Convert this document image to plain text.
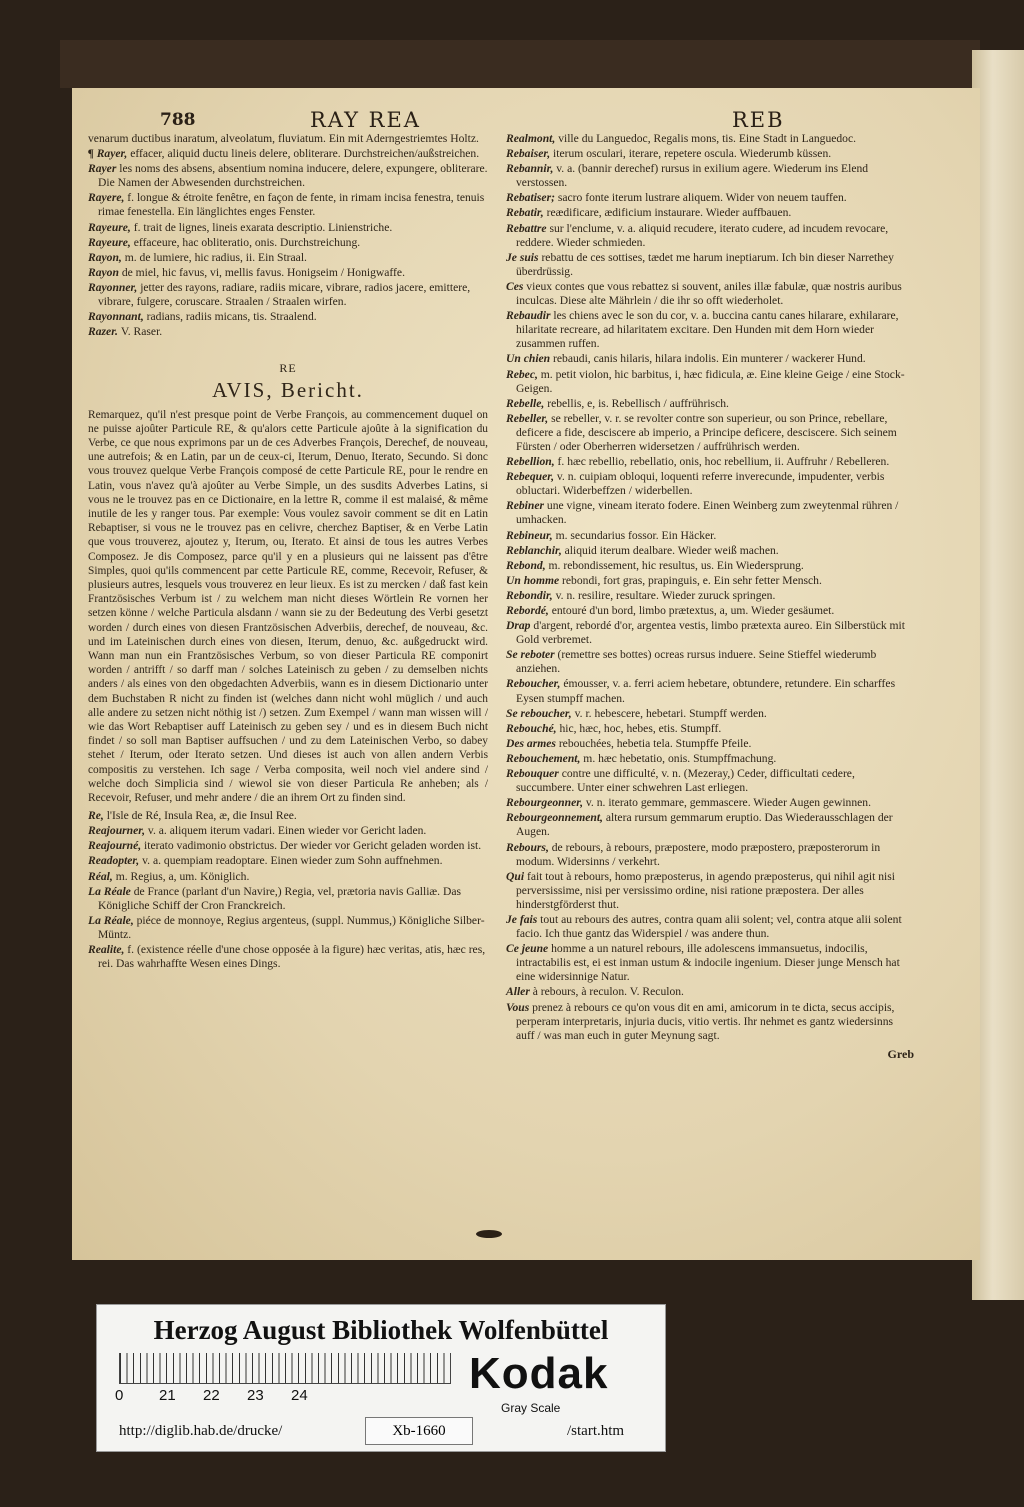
788	RAY REA	REB
venarum ductibus inaratum, alveolatum, fluviatum. Ein mit Aderngestriemtes Holtz.
¶ Rayer, effacer, aliquid ductu lineis delere, obliterare. Durchstreichen/außstreichen.
Rayer les noms des absens, absentium nomina inducere, delere, expungere, obliterare. Die Namen der Abwesenden durchstreichen.
Rayere, f. longue & étroite fenêtre, en façon de fente, in rimam incisa fenestra, tenuis rimae fenestella. Ein länglichtes enges Fenster.
Rayeure, f. trait de lignes, lineis exarata descriptio. Linienstriche.
Rayeure, effaceure, hac obliteratio, onis. Durchstreichung.
Rayon, m. de lumiere, hic radius, ii. Ein Straal.
Rayon de miel, hic favus, vi, mellis favus. Honigseim / Honigwaffe.
Rayonner, jetter des rayons, radiare, radiis micare, vibrare, radios jacere, emittere, vibrare, fulgere, coruscare. Straalen / Straalen wirfen.
Rayonnant, radians, radiis micans, tis. Straalend.
Razer. V. Raser.
RE
AVIS, Bericht.
Remarquez, qu'il n'est presque point de Verbe François, au commencement duquel on ne puisse ajoûter Particule RE, & qu'alors cette Particule ajoûte à la signification du Verbe, ce que nous exprimons par un de ces Adverbes François, Derechef, de nouveau, une autrefois; & en Latin, par un de ceux-ci, Iterum, Denuo, Iterato, Secundo. Si donc vous trouvez quelque Verbe François composé de cette Particule RE, pour le rendre en Latin, vous n'avez qu'à ajoûter au Verbe Simple, un des susdits Adverbes Latins, si vous ne le trouvez pas en ce Dictionaire, en la lettre R, comme il est malaisé, & même inutile de les y ranger tous. Par exemple: Vous voulez savoir comment se dit en Latin Rebaptiser, si vous ne le trouvez pas en celivre, cherchez Baptiser, & en Verbe Latin que vous trouverez, ajoutez y, Iterum, ou, Iterato. Et ainsi de tous les autres Verbes Composez. Je dis Composez, parce qu'il y en a plusieurs qui ne laissent pas d'être Simples, quoi qu'ils commencent par cette Particule RE, comme, Recevoir, Refuser, & plusieurs autres, lesquels vous trouverez en leur lieux. Es ist zu mercken / daß fast kein Frantzösisches Verbum ist / zu welchem man nicht dieses Wörtlein Re vornen her setzen könne / welche Particula alsdann / wann sie zu der Bedeutung des Verbi gesetzt worden / durch eines von diesen Frantzösischen Adverbiis, derechef, de nouveau, &c. und im Lateinischen durch eines von diesen, Iterum, denuo, &c. außgedruckt wird. Wann man nun ein Frantzösisches Verbum, so von dieser Particula RE componirt worden / antrifft / so darff man / solches Lateinisch zu geben / zu demselben nichts anders / als eines von den obgedachten Adverbiis, wann es in diesem Dictionario unter dem Buchstaben R nicht zu finden ist (welches dann nicht wohl müglich / und auch alle andere zu setzen nicht nöthig ist /) setzen. Zum Exempel / wann man wissen will / wie das Wort Rebaptiser auff Lateinisch zu geben sey / und es in diesem Buch nicht findet / so soll man Baptiser auffsuchen / und zu dem Lateinischen Verbo, so dabey stehet / Iterum, oder Iterato setzen. Und dieses ist auch von allen andern Verbis compositis zu verstehen. Ich sage / Verba composita, weil noch viel andere sind / welche doch Simplicia sind / wiewol sie von dieser Particula Re anheben; als / Recevoir, Refuser, und mehr andere / die an ihrem Ort zu finden sind.
Re, l'Isle de Ré, Insula Rea, æ, die Insul Ree.
Reajourner, v. a. aliquem iterum vadari. Einen wieder vor Gericht laden.
Reajourné, iterato vadimonio obstrictus. Der wieder vor Gericht geladen worden ist.
Readopter, v. a. quempiam readoptare. Einen wieder zum Sohn auffnehmen.
Réal, m. Regius, a, um. Königlich.
La Réale de France (parlant d'un Navire,) Regia, vel, prætoria navis Galliæ. Das Königliche Schiff der Cron Franckreich.
La Réale, piéce de monnoye, Regius argenteus, (suppl. Nummus,) Königliche Silber-Müntz.
Realite, f. (existence réelle d'une chose opposée à la figure) hæc veritas, atis, hæc res, rei. Das wahrhaffte Wesen eines Dings.
Realmont, ville du Languedoc, Regalis mons, tis. Eine Stadt in Languedoc.
Rebaiser, iterum osculari, iterare, repetere oscula. Wiederumb küssen.
Rebannir, v. a. (bannir derechef) rursus in exilium agere. Wiederum ins Elend verstossen.
Rebatiser; sacro fonte iterum lustrare aliquem. Wider von neuem tauffen.
Rebatir, reædificare, ædificium instaurare. Wieder auffbauen.
Rebattre sur l'enclume, v. a. aliquid recudere, iterato cudere, ad incudem revocare, reddere. Wieder schmieden.
Je suis rebattu de ces sottises, tædet me harum ineptiarum. Ich bin dieser Narrethey überdrüssig.
Ces vieux contes que vous rebattez si souvent, aniles illæ fabulæ, quæ nostris auribus inculcas. Diese alte Mährlein / die ihr so offt wiederholet.
Rebaudir les chiens avec le son du cor, v. a. buccina cantu canes hilarare, exhilarare, hilaritate recreare, ad hilaritatem excitare. Den Hunden mit dem Horn wieder zusammen ruffen.
Un chien rebaudi, canis hilaris, hilara indolis. Ein munterer / wackerer Hund.
Rebec, m. petit violon, hic barbitus, i, hæc fidicula, æ. Eine kleine Geige / eine Stock-Geigen.
Rebelle, rebellis, e, is. Rebellisch / auffrührisch.
Rebeller, se rebeller, v. r. se revolter contre son superieur, ou son Prince, rebellare, deficere a fide, desciscere ab imperio, a Principe deficere, desciscere. Sich seinem Fürsten / oder Oberherren widersetzen / auffrührisch werden.
Rebellion, f. hæc rebellio, rebellatio, onis, hoc rebellium, ii. Auffruhr / Rebelleren.
Rebequer, v. n. cuipiam obloqui, loquenti referre inverecunde, impudenter, verbis obluctari. Widerbeffzen / widerbellen.
Rebiner une vigne, vineam iterato fodere. Einen Weinberg zum zweytenmal rühren / umhacken.
Rebineur, m. secundarius fossor. Ein Häcker.
Reblanchir, aliquid iterum dealbare. Wieder weiß machen.
Rebond, m. rebondissement, hic resultus, us. Ein Wiedersprung.
Un homme rebondi, fort gras, prapinguis, e. Ein sehr fetter Mensch.
Rebondir, v. n. resilire, resultare. Wieder zuruck springen.
Rebordé, entouré d'un bord, limbo prætextus, a, um. Wieder gesäumet.
Drap d'argent, rebordé d'or, argentea vestis, limbo prætexta aureo. Ein Silberstück mit Gold verbremet.
Se reboter (remettre ses bottes) ocreas rursus induere. Seine Stieffel wiederumb anziehen.
Reboucher, émousser, v. a. ferri aciem hebetare, obtundere, retundere. Ein scharffes Eysen stumpff machen.
Se reboucher, v. r. hebescere, hebetari. Stumpff werden.
Rebouché, hic, hæc, hoc, hebes, etis. Stumpff.
Des armes rebouchées, hebetia tela. Stumpffe Pfeile.
Rebouchement, m. hæc hebetatio, onis. Stumpffmachung.
Rebouquer contre une difficulté, v. n. (Mezeray,) Ceder, difficultati cedere, succumbere. Unter einer schwehren Last erliegen.
Rebourgeonner, v. n. iterato gemmare, gemmascere. Wieder Augen gewinnen.
Rebourgeonnement, altera rursum gemmarum eruptio. Das Wiederausschlagen der Augen.
Rebours, de rebours, à rebours, præpostere, modo præpostero, præposterorum in modum. Widersinns / verkehrt.
Qui fait tout à rebours, homo præposterus, in agendo præposterus, qui nihil agit nisi perversissime, nisi per versissimo ordine, nisi ratione præpostera. Der alles hinderstgförderst thut.
Je fais tout au rebours des autres, contra quam alii solent; vel, contra atque alii solent facio. Ich thue gantz das Widerspiel / was andere thun.
Ce jeune homme a un naturel rebours, ille adolescens immansuetus, indocilis, intractabilis est, ei est inman ustum & indocile ingenium. Dieser junge Mensch hat eine widersinnige Natur.
Aller à rebours, à reculon. V. Reculon.
Vous prenez à rebours ce qu'on vous dit en ami, amicorum in te dicta, secus accipis, perperam interpretaris, injuria ducis, vitio vertis. Ihr nehmet es gantz wiedersinns auff / was man euch in guter Meynung sagt.
Greb
Herzog August Bibliothek Wolfenbüttel
0 21 22 23 24	Kodak
Gray Scale
http://diglib.hab.de/drucke/	Xb-1660	/start.htm
